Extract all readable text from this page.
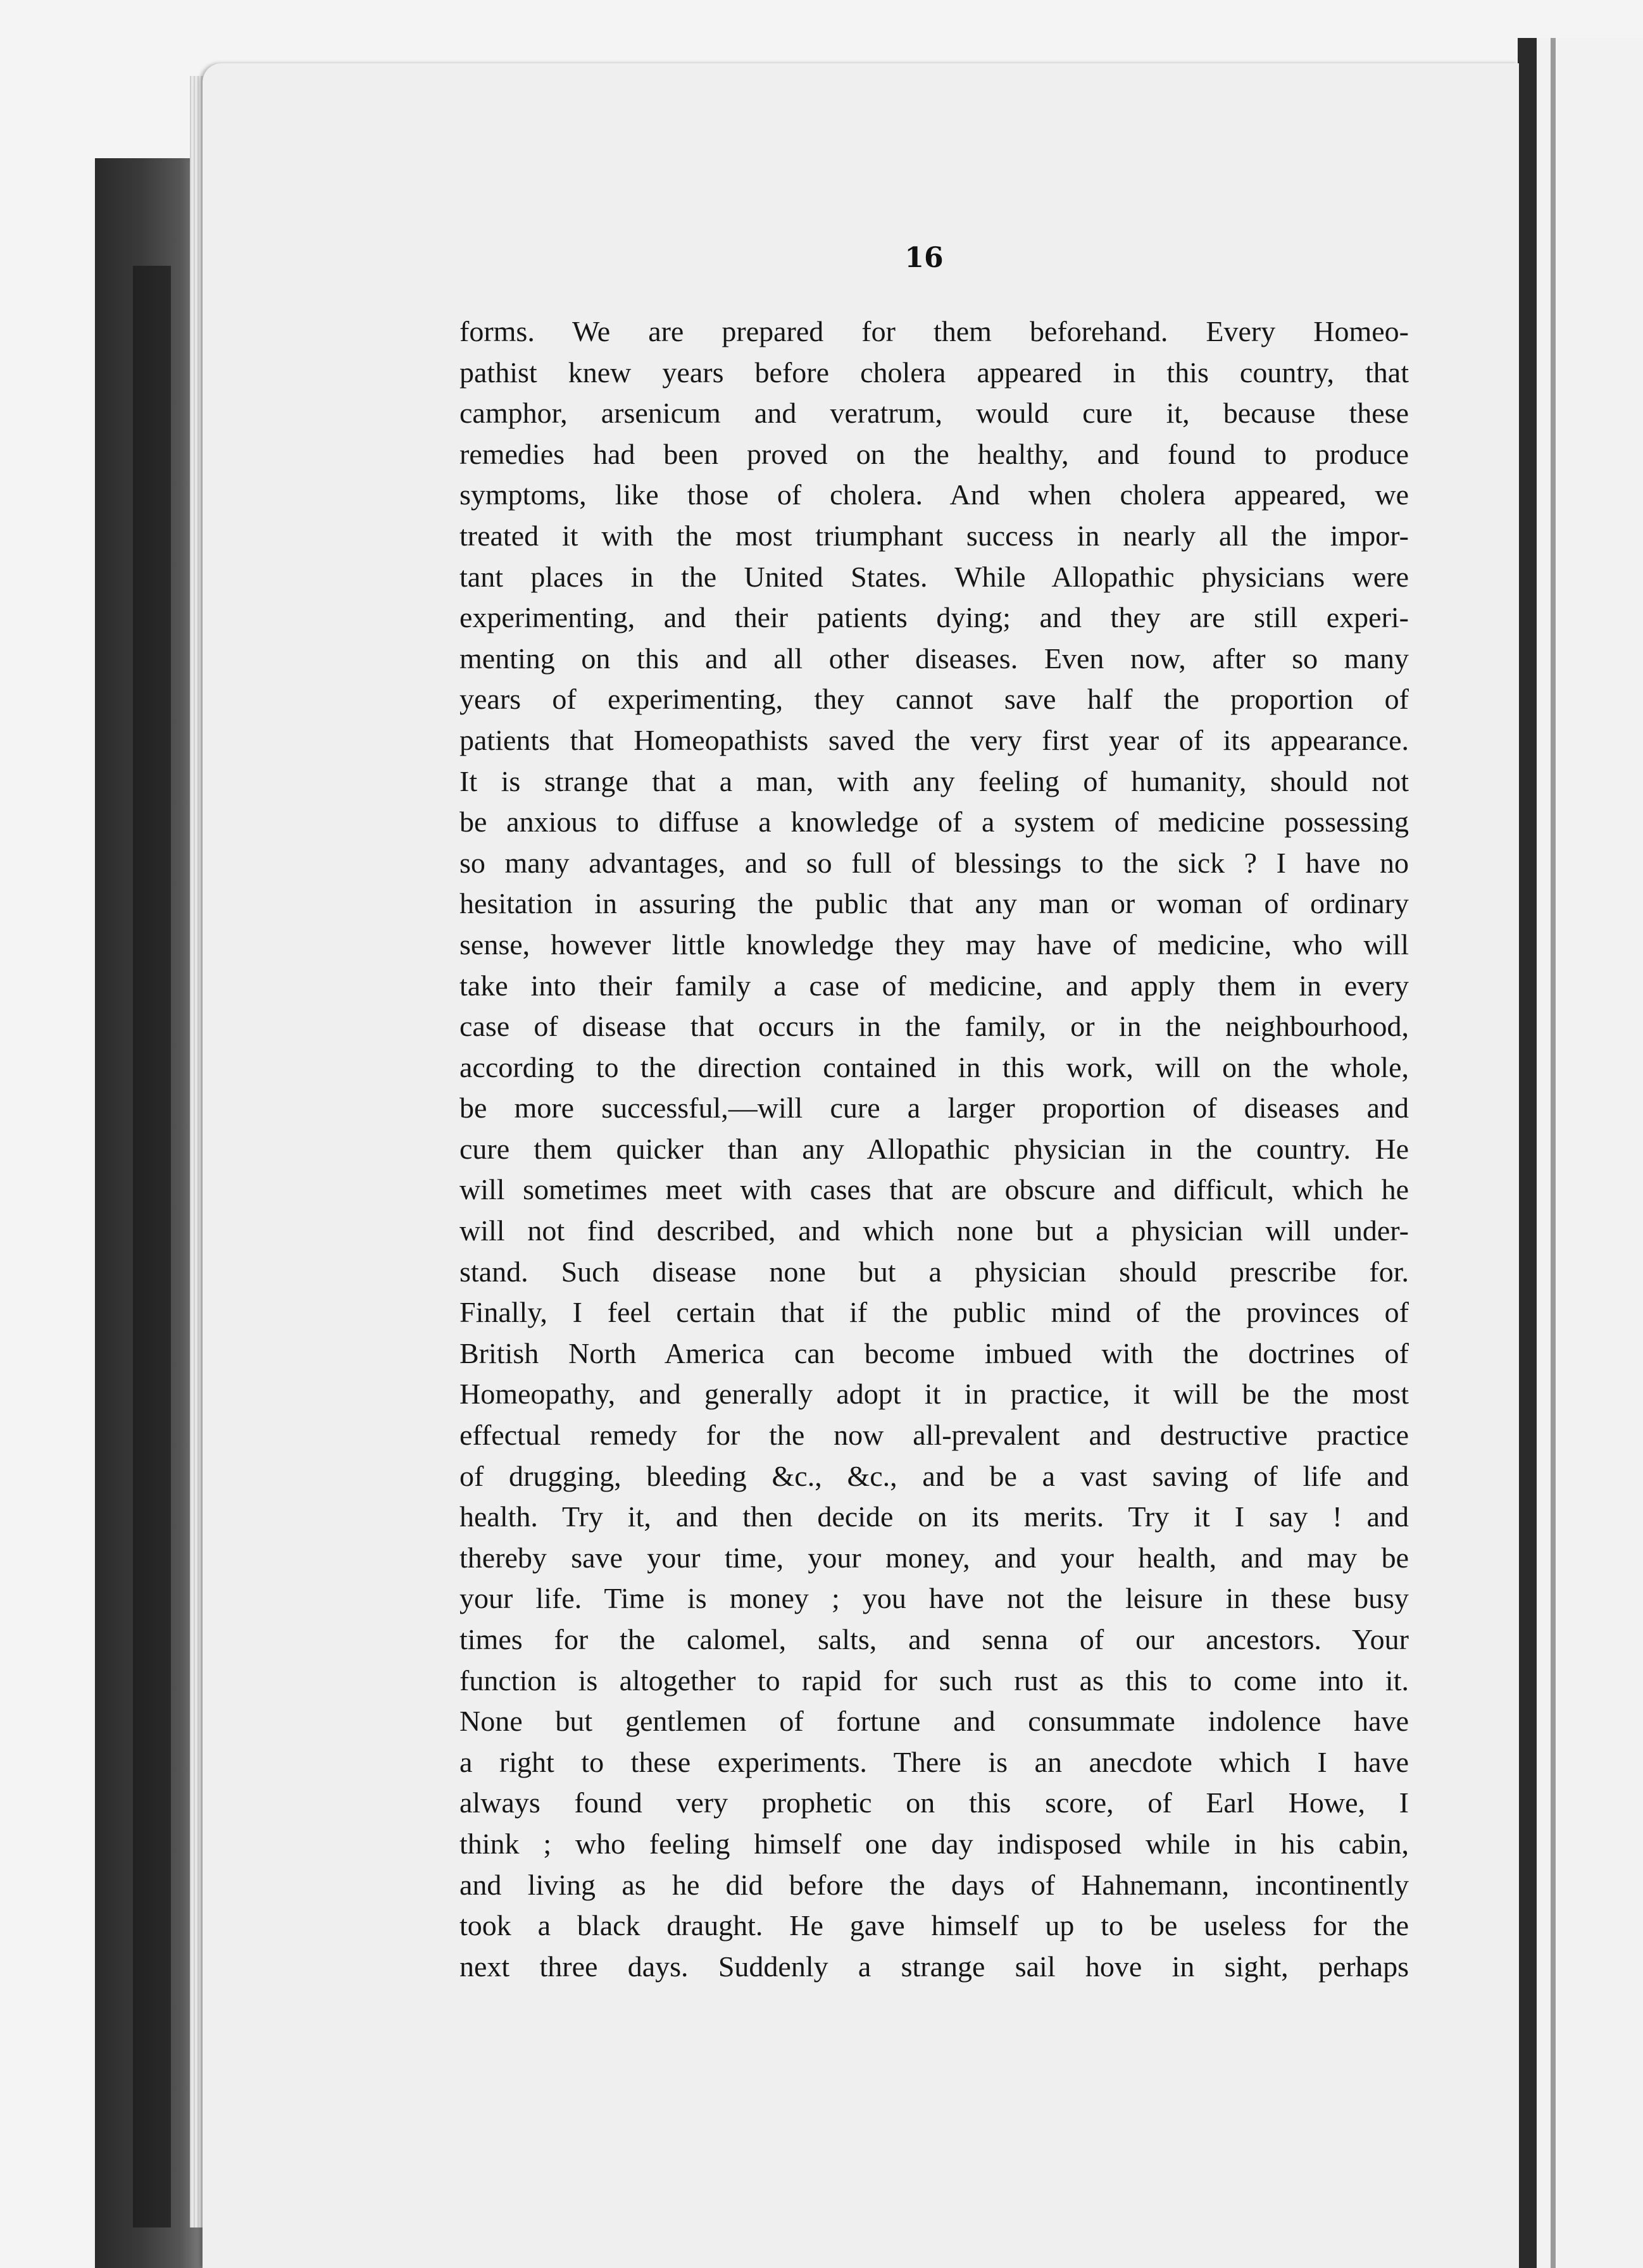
16
forms. We are prepared for them beforehand. Every Homeo-
pathist knew years before cholera appeared in this country, that
camphor, arsenicum and veratrum, would cure it, because these
remedies had been proved on the healthy, and found to produce
symptoms, like those of cholera. And when cholera appeared, we
treated it with the most triumphant success in nearly all the impor-
tant places in the United States. While Allopathic physicians were
experimenting, and their patients dying; and they are still experi-
menting on this and all other diseases. Even now, after so many
years of experimenting, they cannot save half the proportion of
patients that Homeopathists saved the very first year of its appearance.
It is strange that a man, with any feeling of humanity, should not
be anxious to diffuse a knowledge of a system of medicine possessing
so many advantages, and so full of blessings to the sick ? I have no
hesitation in assuring the public that any man or woman of ordinary
sense, however little knowledge they may have of medicine, who will
take into their family a case of medicine, and apply them in every
case of disease that occurs in the family, or in the neighbourhood,
according to the direction contained in this work, will on the whole,
be more successful,—will cure a larger proportion of diseases and
cure them quicker than any Allopathic physician in the country. He
will sometimes meet with cases that are obscure and difficult, which he
will not find described, and which none but a physician will under-
stand. Such disease none but a physician should prescribe for.
Finally, I feel certain that if the public mind of the provinces of
British North America can become imbued with the doctrines of
Homeopathy, and generally adopt it in practice, it will be the most
effectual remedy for the now all-prevalent and destructive practice
of drugging, bleeding &c., &c., and be a vast saving of life and
health. Try it, and then decide on its merits. Try it I say ! and
thereby save your time, your money, and your health, and may be
your life. Time is money ; you have not the leisure in these busy
times for the calomel, salts, and senna of our ancestors. Your
function is altogether to rapid for such rust as this to come into it.
None but gentlemen of fortune and consummate indolence have
a right to these experiments. There is an anecdote which I have
always found very prophetic on this score, of Earl Howe, I
think ; who feeling himself one day indisposed while in his cabin,
and living as he did before the days of Hahnemann, incontinently
took a black draught. He gave himself up to be useless for the
next three days. Suddenly a strange sail hove in sight, perhaps
